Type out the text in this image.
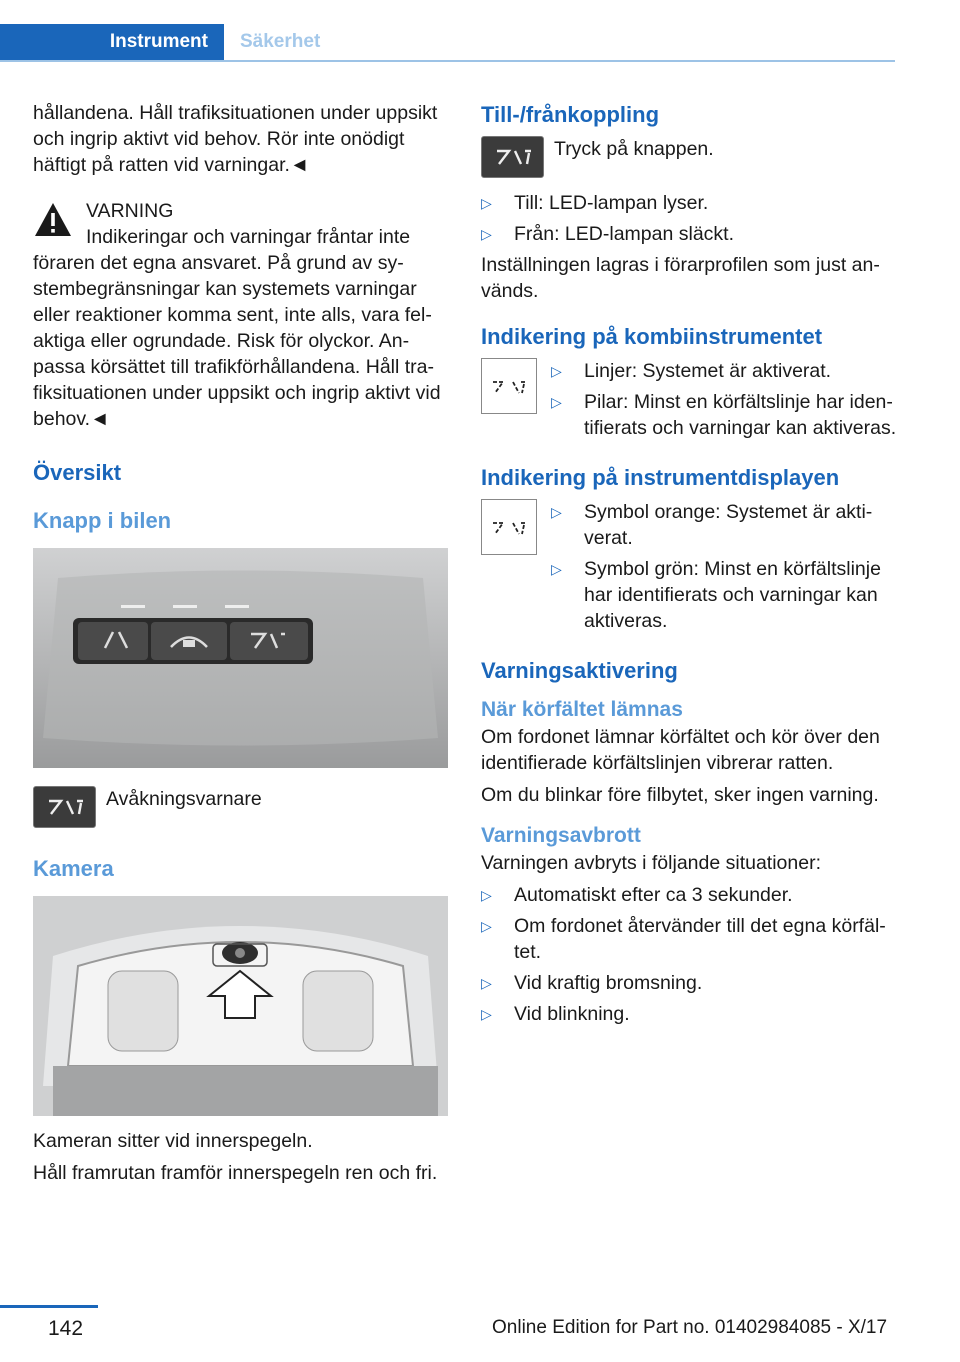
Instrument	Säkerhet

hållandena. Håll trafiksituationen under uppsikt och ingrip aktivt vid behov. Rör inte onödigt häftigt på ratten vid varningar.◄

VARNING

Indikeringar och varningar fråntar inte

föraren det egna ansvaret. På grund av systembegränsningar kan systemets varningar eller reaktioner komma sent, inte alls, vara felaktiga eller ogrundade. Risk för olyckor. Anpassa körsättet till trafikförhållandena. Håll trafiksituationen under uppsikt och ingrip aktivt vid behov.◄

Översikt

Knapp i bilen

Avåkningsvarnare

Kamera

Kameran sitter vid innerspegeln.

Håll framrutan framför innerspegeln ren och fri.

Till-/frånkoppling

Tryck på knappen.

▷	Till: LED-lampan lyser.
▷	Från: LED-lampan släckt.

Inställningen lagras i förarprofilen som just används.

Indikering på kombiinstrumentet

▷	Linjer: Systemet är aktiverat.
▷	Pilar: Minst en körfältslinje har identifierats och varningar kan aktiveras.

Indikering på instrumentdisplayen

▷	Symbol orange: Systemet är aktiverat.
▷	Symbol grön: Minst en körfältslinje har identifierats och varningar kan aktiveras.

Varningsaktivering

När körfältet lämnas

Om fordonet lämnar körfältet och kör över den identifierade körfältslinjen vibrerar ratten.

Om du blinkar före filbytet, sker ingen varning.

Varningsavbrott

Varningen avbryts i följande situationer:

▷	Automatiskt efter ca 3 sekunder.
▷	Om fordonet återvänder till det egna körfältet.
▷	Vid kraftig bromsning.
▷	Vid blinkning.
142	Online Edition for Part no. 01402984085 - X/17
